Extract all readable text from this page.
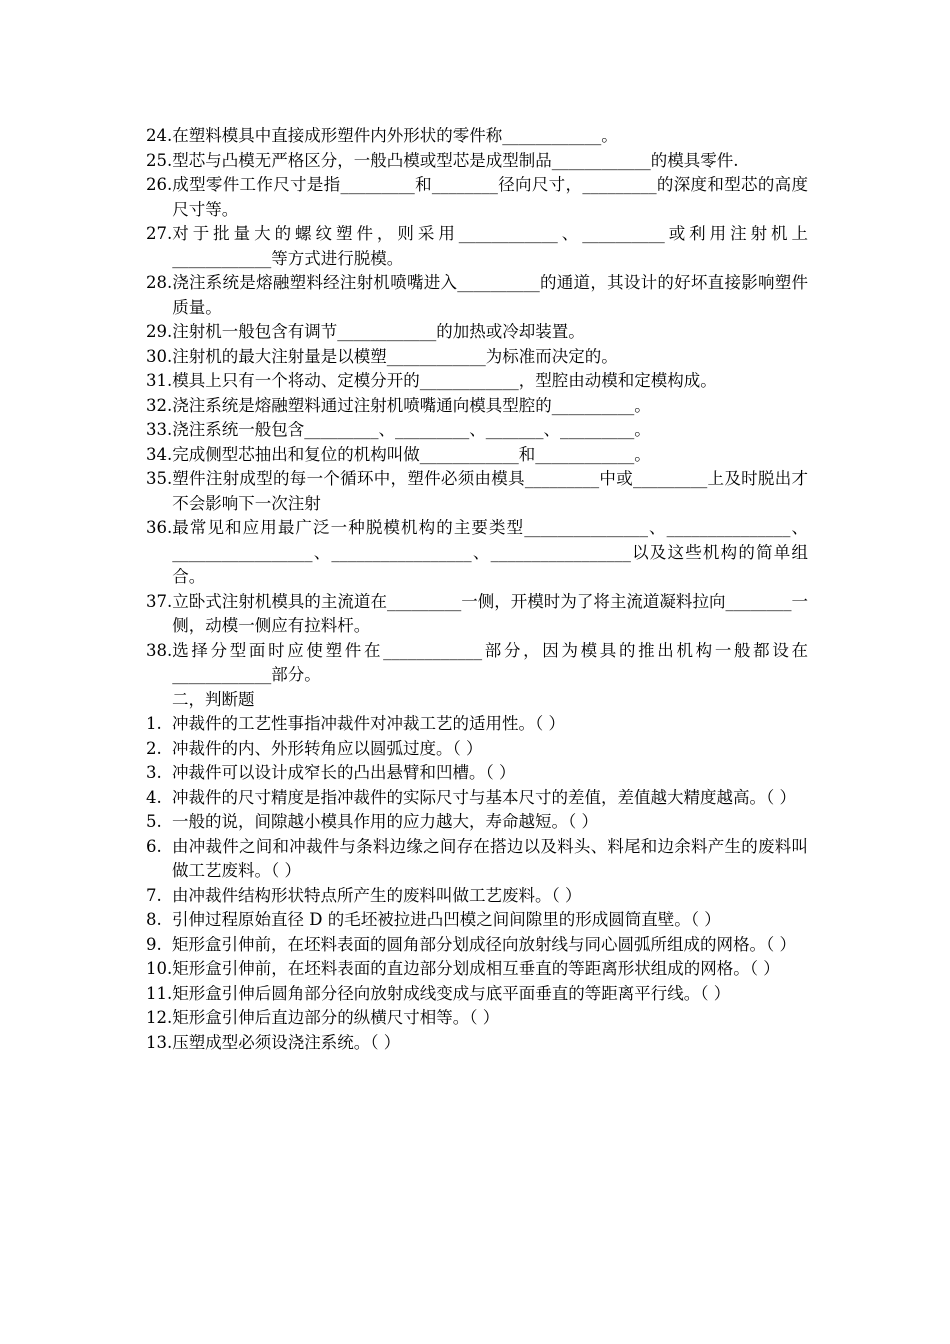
24. 在塑料模具中直接成形塑件内外形状的零件称____________。
25. 型芯与凸模无严格区分，一般凸模或型芯是成型制品____________的模具零件.
26. 成型零件工作尺寸是指_________和________径向尺寸，_________的深度和型芯的高度尺寸等。
27. 对于批量大的螺纹塑件，则采用____________、__________或利用注射机上____________等方式进行脱模。
28. 浇注系统是熔融塑料经注射机喷嘴进入__________的通道，其设计的好坏直接影响塑件质量。
29. 注射机一般包含有调节____________的加热或冷却装置。
30. 注射机的最大注射量是以模塑____________为标准而决定的。
31. 模具上只有一个将动、定模分开的____________，型腔由动模和定模构成。
32. 浇注系统是熔融塑料通过注射机喷嘴通向模具型腔的__________。
33. 浇注系统一般包含_________、_________、_______、_________。
34. 完成侧型芯抽出和复位的机构叫做____________和____________。
35. 塑件注射成型的每一个循环中，塑件必须由模具_________中或_________上及时脱出才不会影响下一次注射
36. 最常见和应用最广泛一种脱模机构的主要类型_______________、_______________、_________________、_________________、_________________以及这些机构的简单组合。
37. 立卧式注射机模具的主流道在_________一侧，开模时为了将主流道凝料拉向________一侧，动模一侧应有拉料杆。
38. 选择分型面时应使塑件在____________部分，因为模具的推出机构一般都设在____________部分。
二，判断题
1. 冲裁件的工艺性事指冲裁件对冲裁工艺的适用性。（ ）
2. 冲裁件的内、外形转角应以圆弧过度。（ ）
3. 冲裁件可以设计成窄长的凸出悬臂和凹槽。（ ）
4. 冲裁件的尺寸精度是指冲裁件的实际尺寸与基本尺寸的差值，差值越大精度越高。（ ）
5. 一般的说，间隙越小模具作用的应力越大，寿命越短。（ ）
6. 由冲裁件之间和冲裁件与条料边缘之间存在搭边以及料头、料尾和边余料产生的废料叫做工艺废料。（ ）
7. 由冲裁件结构形状特点所产生的废料叫做工艺废料。（ ）
8. 引伸过程原始直径 D 的毛坯被拉进凸凹模之间间隙里的形成圆筒直壁。（ ）
9. 矩形盒引伸前，在坯料表面的圆角部分划成径向放射线与同心圆弧所组成的网格。（ ）
10. 矩形盒引伸前，在坯料表面的直边部分划成相互垂直的等距离形状组成的网格。（ ）
11. 矩形盒引伸后圆角部分径向放射成线变成与底平面垂直的等距离平行线。（ ）
12. 矩形盒引伸后直边部分的纵横尺寸相等。（ ）
13. 压塑成型必须设浇注系统。（ ）
